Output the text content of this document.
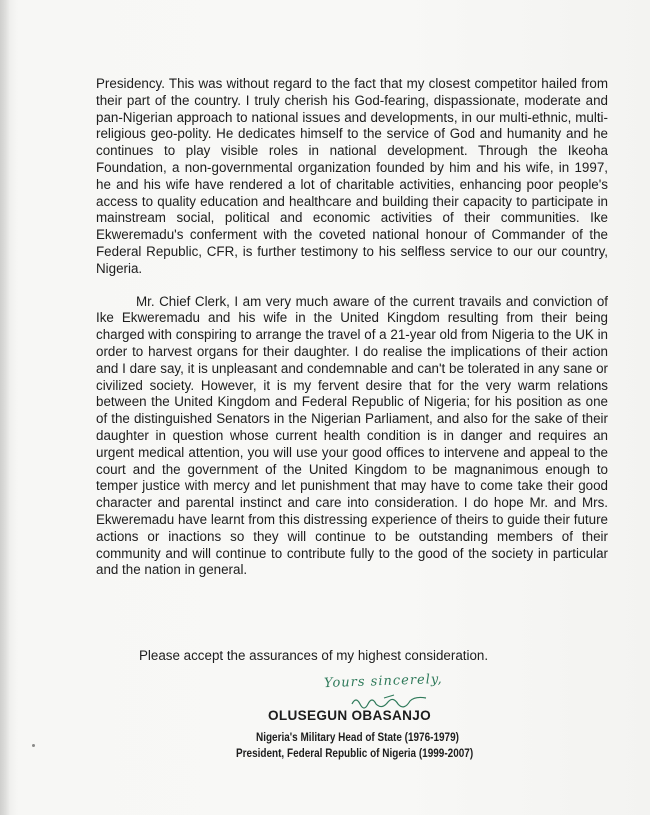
Presidency. This was without regard to the fact that my closest competitor hailed from their part of the country. I truly cherish his God-fearing, dispassionate, moderate and pan-Nigerian approach to national issues and developments, in our multi-ethnic, multi-religious geo-polity. He dedicates himself to the service of God and humanity and he continues to play visible roles in national development. Through the Ikeoha Foundation, a non-governmental organization founded by him and his wife, in 1997, he and his wife have rendered a lot of charitable activities, enhancing poor people's access to quality education and healthcare and building their capacity to participate in mainstream social, political and economic activities of their communities. Ike Ekweremadu's conferment with the coveted national honour of Commander of the Federal Republic, CFR, is further testimony to his selfless service to our our country, Nigeria.

Mr. Chief Clerk, I am very much aware of the current travails and conviction of Ike Ekweremadu and his wife in the United Kingdom resulting from their being charged with conspiring to arrange the travel of a 21-year old from Nigeria to the UK in order to harvest organs for their daughter. I do realise the implications of their action and I dare say, it is unpleasant and condemnable and can't be tolerated in any sane or civilized society. However, it is my fervent desire that for the very warm relations between the United Kingdom and Federal Republic of Nigeria; for his position as one of the distinguished Senators in the Nigerian Parliament, and also for the sake of their daughter in question whose current health condition is in danger and requires an urgent medical attention, you will use your good offices to intervene and appeal to the court and the government of the United Kingdom to be magnanimous enough to temper justice with mercy and let punishment that may have to come take their good character and parental instinct and care into consideration. I do hope Mr. and Mrs. Ekweremadu have learnt from this distressing experience of theirs to guide their future actions or inactions so they will continue to be outstanding members of their community and will continue to contribute fully to the good of the society in particular and the nation in general.

Please accept the assurances of my highest consideration.
Yours sincerely,
OLUSEGUN OBASANJO
Nigeria's Military Head of State (1976-1979)
President, Federal Republic of Nigeria (1999-2007)
